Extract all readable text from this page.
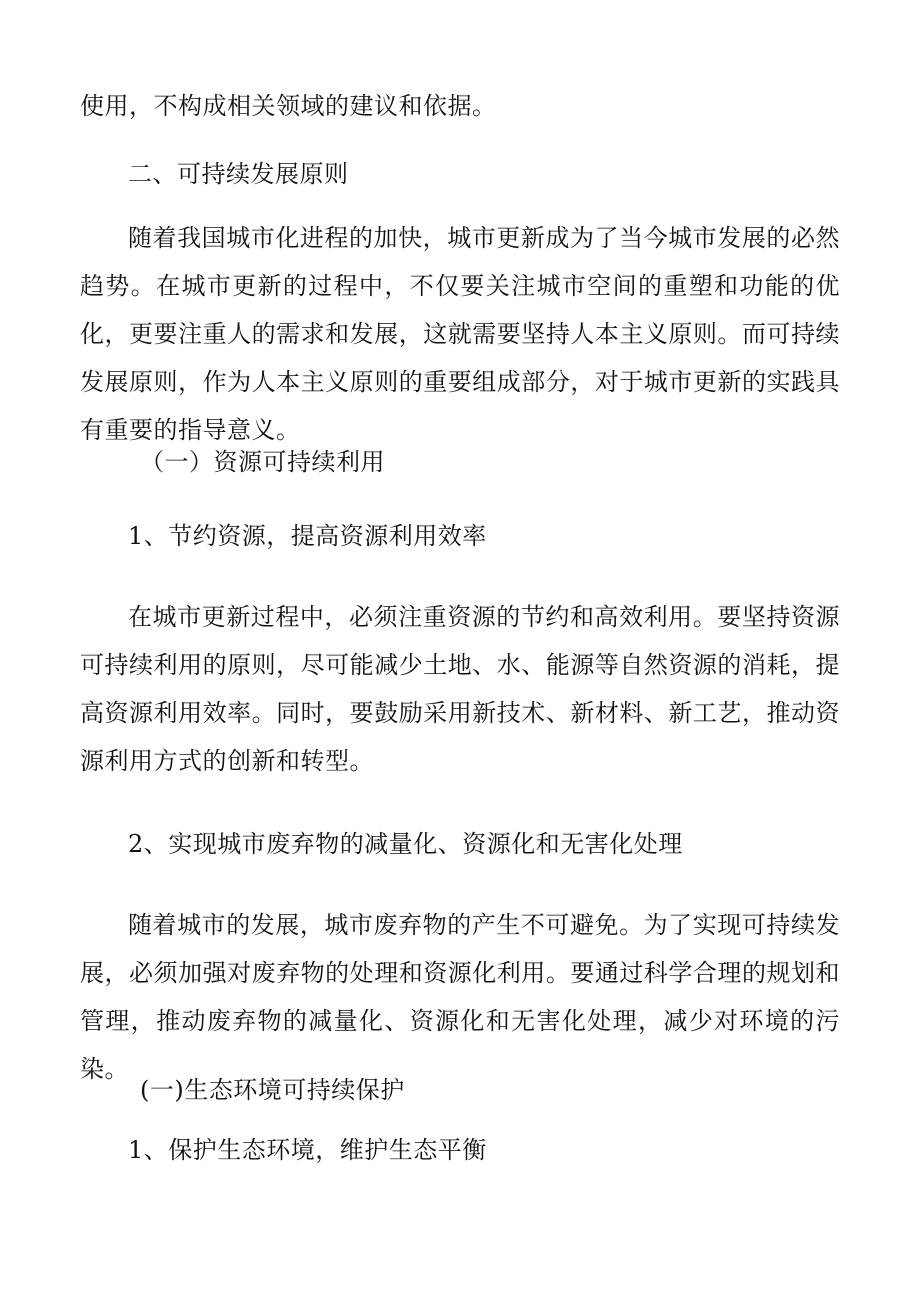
使用，不构成相关领域的建议和依据。
二、可持续发展原则
随着我国城市化进程的加快，城市更新成为了当今城市发展的必然趋势。在城市更新的过程中，不仅要关注城市空间的重塑和功能的优化，更要注重人的需求和发展，这就需要坚持人本主义原则。而可持续发展原则，作为人本主义原则的重要组成部分，对于城市更新的实践具有重要的指导意义。
（一）资源可持续利用
1、节约资源，提高资源利用效率
在城市更新过程中，必须注重资源的节约和高效利用。要坚持资源可持续利用的原则，尽可能减少土地、水、能源等自然资源的消耗，提高资源利用效率。同时，要鼓励采用新技术、新材料、新工艺，推动资源利用方式的创新和转型。
2、实现城市废弃物的减量化、资源化和无害化处理
随着城市的发展，城市废弃物的产生不可避免。为了实现可持续发展，必须加强对废弃物的处理和资源化利用。要通过科学合理的规划和管理，推动废弃物的减量化、资源化和无害化处理，减少对环境的污染。
(一)生态环境可持续保护
1、保护生态环境，维护生态平衡
